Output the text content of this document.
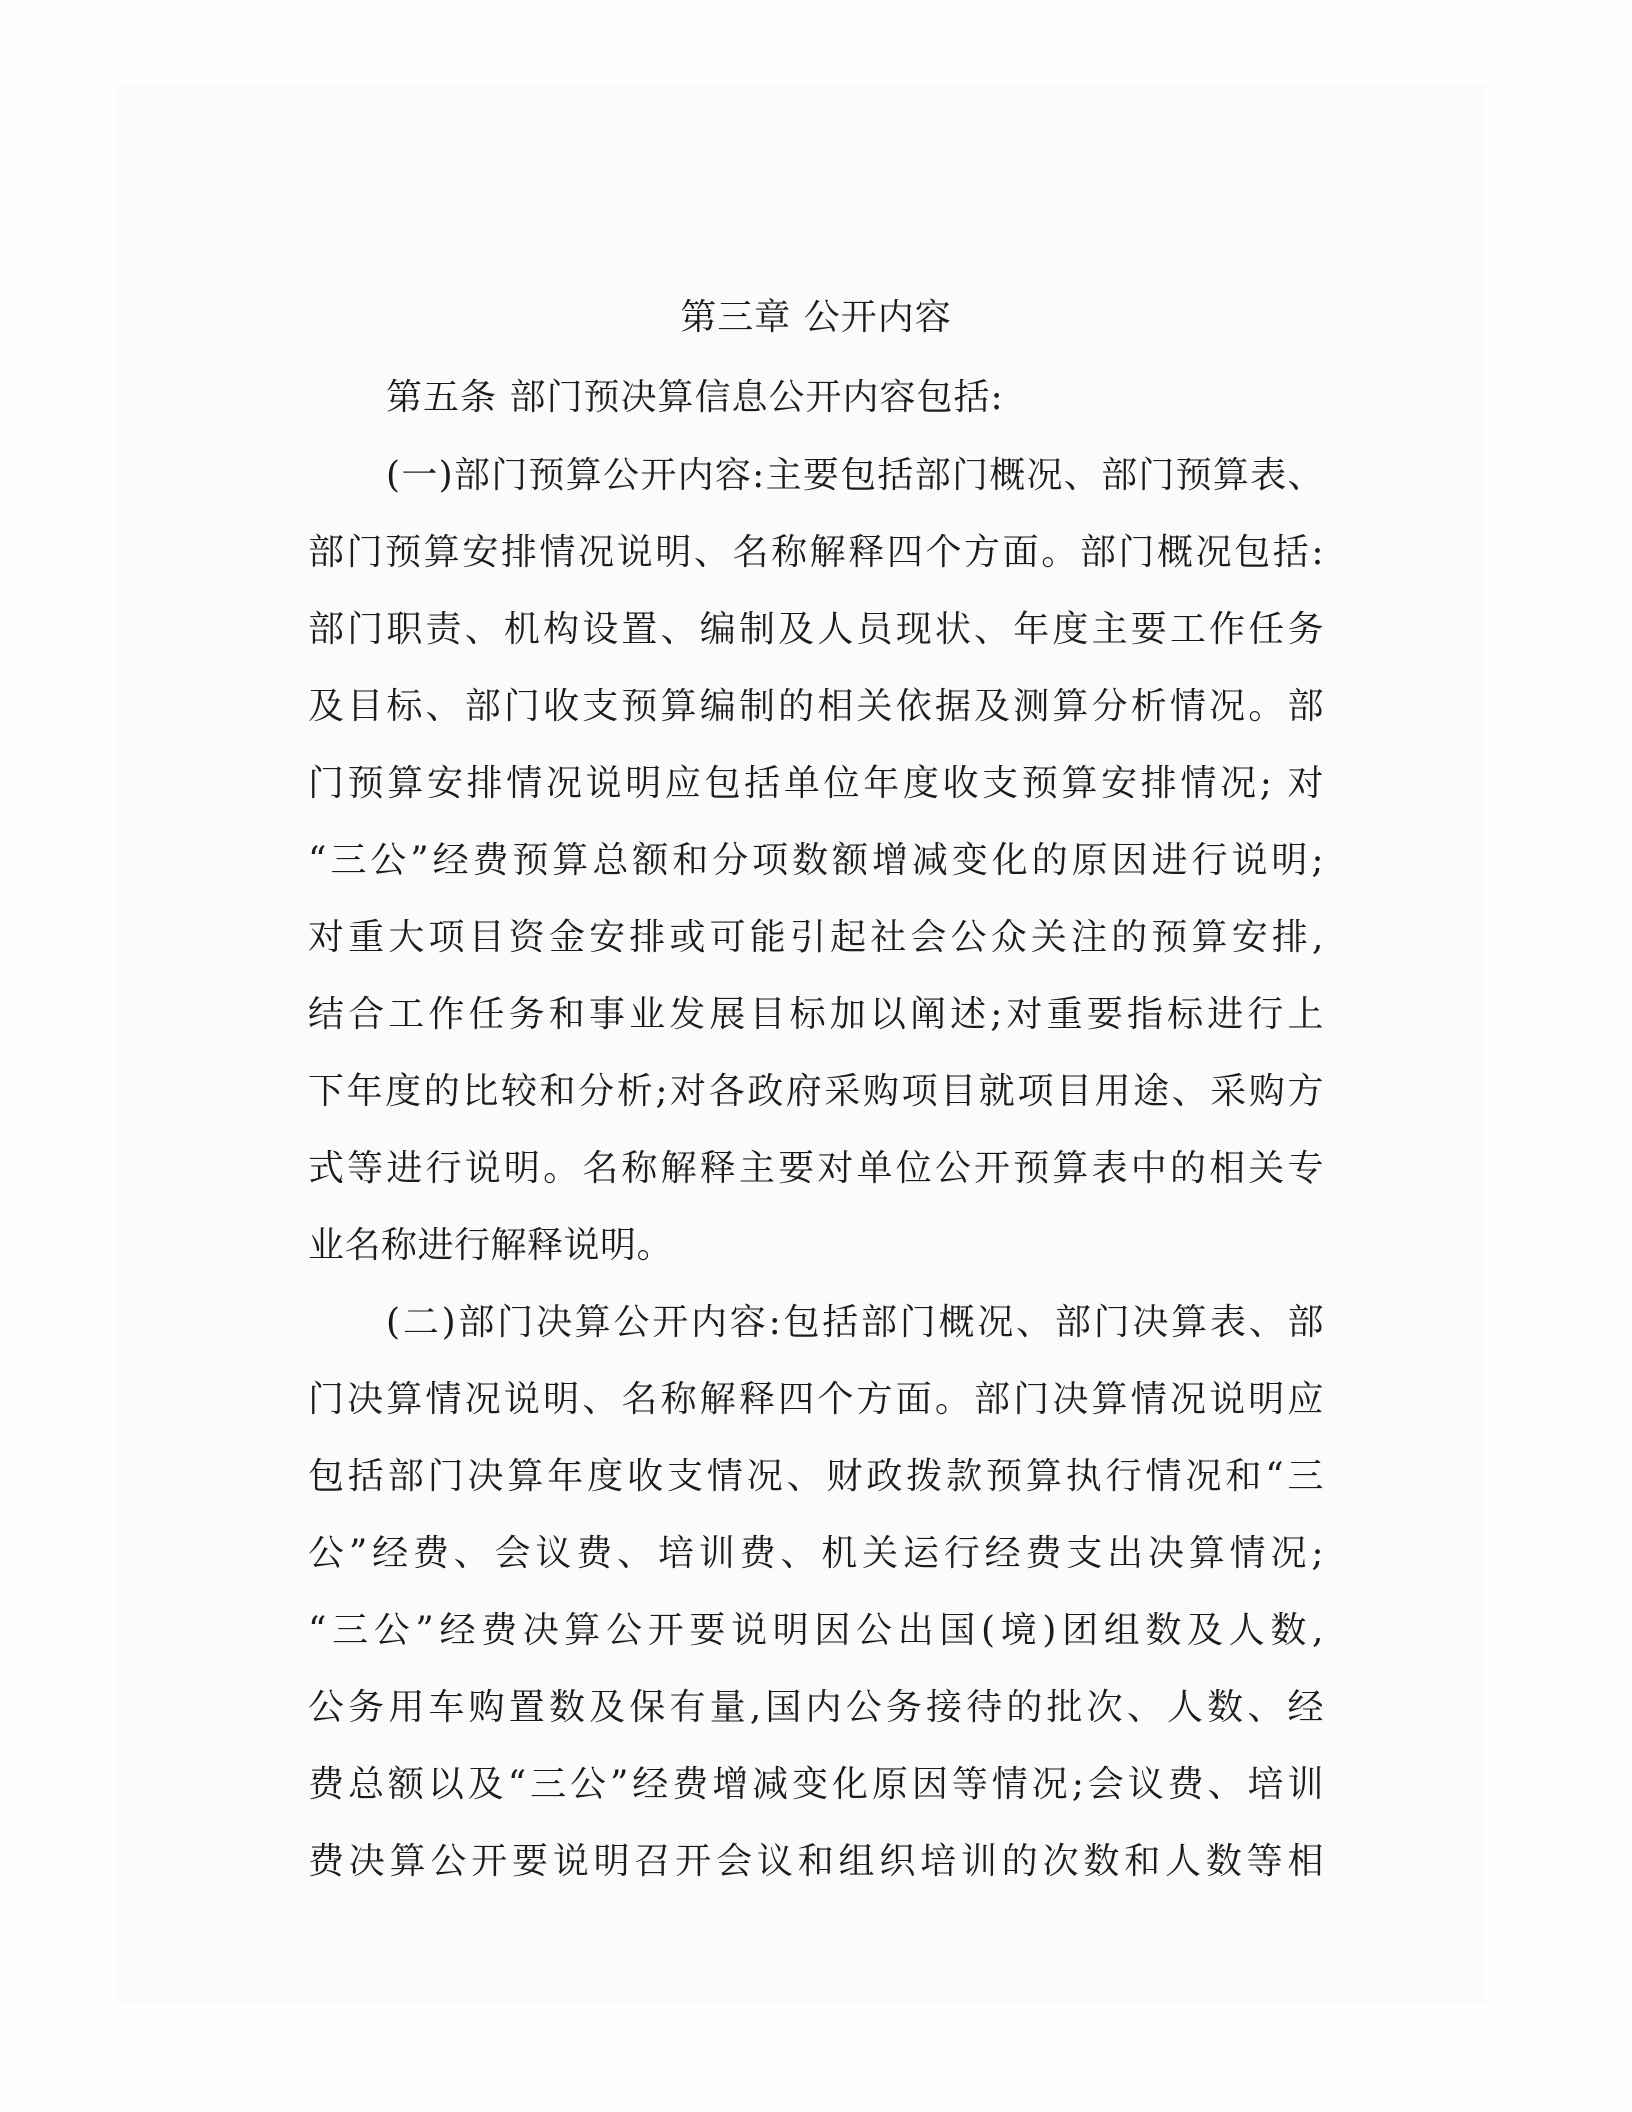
第三章 公开内容
第五条 部门预决算信息公开内容包括:
(一)部门预算公开内容:主要包括部门概况、部门预算表、
部门预算安排情况说明、名称解释四个方面。部门概况包括:
部门职责、机构设置、编制及人员现状、年度主要工作任务
及目标、部门收支预算编制的相关依据及测算分析情况。部
门预算安排情况说明应包括单位年度收支预算安排情况; 对
“三公”经费预算总额和分项数额增减变化的原因进行说明;
对重大项目资金安排或可能引起社会公众关注的预算安排,
结合工作任务和事业发展目标加以阐述;对重要指标进行上
下年度的比较和分析;对各政府采购项目就项目用途、采购方
式等进行说明。名称解释主要对单位公开预算表中的相关专
业名称进行解释说明。
(二)部门决算公开内容:包括部门概况、部门决算表、部
门决算情况说明、名称解释四个方面。部门决算情况说明应
包括部门决算年度收支情况、财政拨款预算执行情况和“三
公”经费、会议费、培训费、机关运行经费支出决算情况;
“三公”经费决算公开要说明因公出国(境)团组数及人数,
公务用车购置数及保有量,国内公务接待的批次、人数、经
费总额以及“三公”经费增减变化原因等情况;会议费、培训
费决算公开要说明召开会议和组织培训的次数和人数等相
